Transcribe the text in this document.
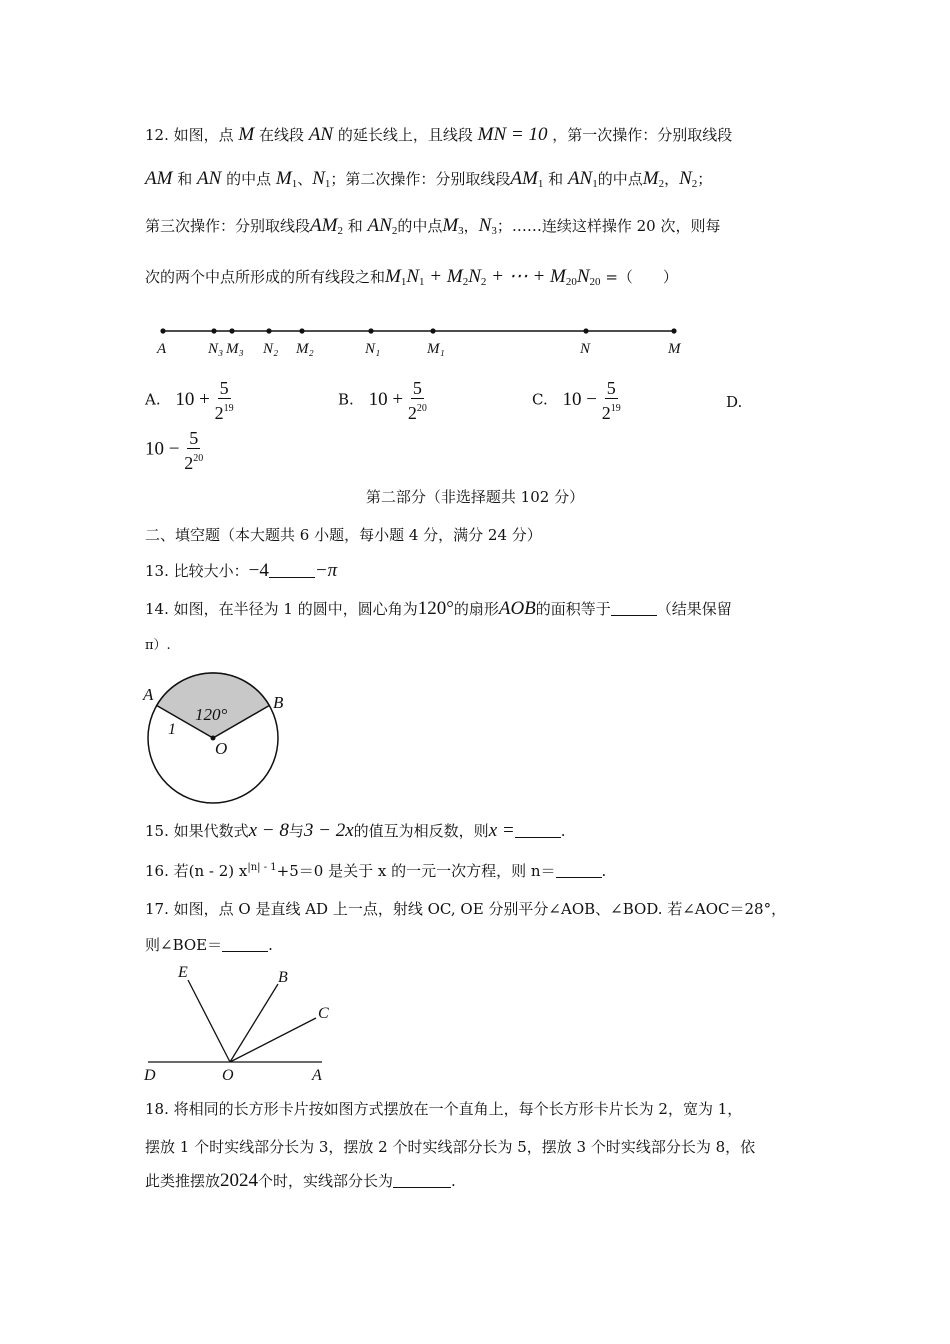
12. 如图，点 M 在线段 AN 的延长线上，且线段 MN = 10 ，第一次操作：分别取线段
AM 和 AN 的中点 $M_1$、$N_1$；第二次操作：分别取线段$AM_1$ 和 $AN_1$的中点$M_2$，$N_2$；
第三次操作：分别取线段$AM_2$ 和 $AN_2$的中点$M_3$，$N_3$；……连续这样操作 20 次，则每
次的两个中点所形成的所有线段之和$M_1N_1 + M_2N_2$ + ⋯ + $M_{20}N_{20}$ =（　　）
A	N₃ M₃ N₂ M₂	N₁	M₁	N	M
A. $10 + \frac{5}{2^{19}}$	B. $10 + \frac{5}{2^{20}}$	C. $10 - \frac{5}{2^{19}}$	D.
$10 - \frac{5}{2^{20}}$
第二部分（非选择题共 102 分）
二、填空题（本大题共 6 小题，每小题 4 分，满分 24 分）
13. 比较大小：−4 −π
14. 如图，在半径为 1 的圆中，圆心角为120°的扇形AOB的面积等于	（结果保留
π）.
A	B
O
1
120°
15. 如果代数式x − 8与3 − 2x的值互为相反数，则x =	.
16. 若(n - 2) $x^{|n| - 1}+5=0$ 是关于 x 的一元一次方程，则 n＝	.
17. 如图，点 O 是直线 AD 上一点，射线 OC, OE 分别平分∠AOB、∠BOD. 若∠AOC＝28°，
则∠BOE＝	.
E	B
C
D	O	A
18. 将相同的长方形卡片按如图方式摆放在一个直角上，每个长方形卡片长为 2，宽为 1，
摆放 1 个时实线部分长为 3，摆放 2 个时实线部分长为 5，摆放 3 个时实线部分长为 8，依
此类推摆放2024个时，实线部分长为	.
